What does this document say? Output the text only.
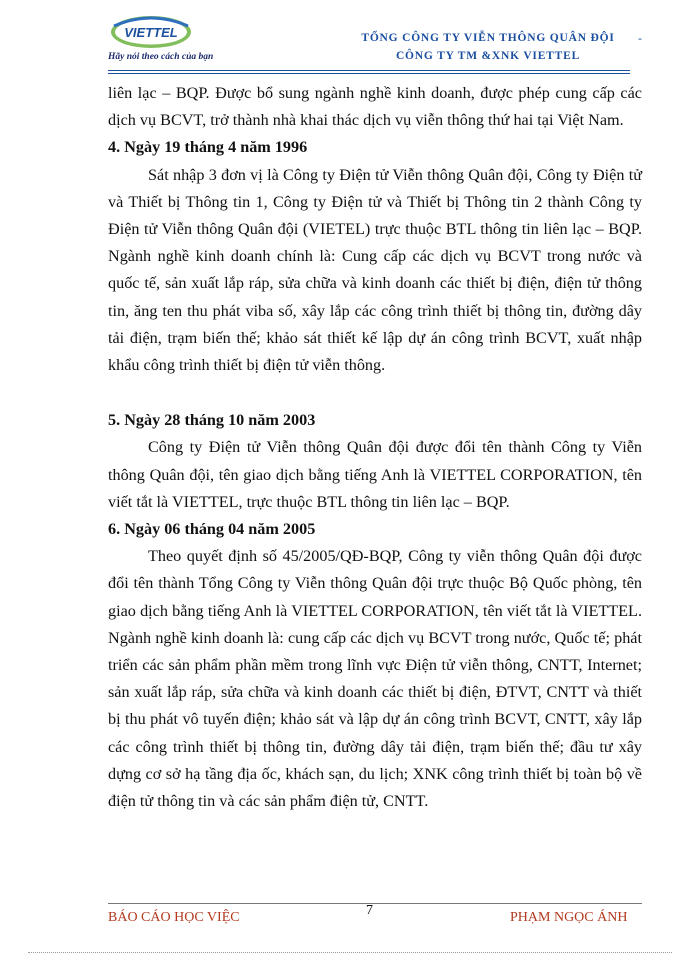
VIETTEL
Hãy nói theo cách của bạn
TỔNG CÔNG TY VIỄN THÔNG QUÂN ĐỘI
CÔNG TY TM &XNK VIETTEL
-

liên lạc – BQP. Được bổ sung ngành nghề kinh doanh, được phép cung cấp các dịch vụ BCVT, trở thành nhà khai thác dịch vụ viễn thông thứ hai tại Việt Nam.

4. Ngày 19 tháng 4 năm 1996

Sát nhập 3 đơn vị là Công ty Điện tử Viễn thông Quân đội, Công ty Điện tử và Thiết bị Thông tin 1, Công ty Điện tử và Thiết bị Thông tin 2 thành Công ty Điện tử Viễn thông Quân đội (VIETEL) trực thuộc BTL thông tin liên lạc – BQP. Ngành nghề kinh doanh chính là: Cung cấp các dịch vụ BCVT trong nước và quốc tế, sản xuất lắp ráp, sửa chữa và kinh doanh các thiết bị điện, điện tử thông tin, ăng ten thu phát viba số, xây lắp các công trình thiết bị thông tin, đường dây tải điện, trạm biến thế; khảo sát thiết kế lập dự án công trình BCVT, xuất nhập khẩu công trình thiết bị điện tử viễn thông.

5. Ngày 28 tháng 10 năm 2003

Công ty Điện tử Viễn thông Quân đội được đổi tên thành Công ty Viễn thông Quân đội, tên giao dịch bằng tiếng Anh là VIETTEL CORPORATION, tên viết tắt là VIETTEL, trực thuộc BTL thông tin liên lạc – BQP.

6. Ngày 06 tháng 04 năm 2005

Theo quyết định số 45/2005/QĐ-BQP, Công ty viễn thông Quân đội được đổi tên thành Tổng Công ty Viễn thông Quân đội trực thuộc Bộ Quốc phòng, tên giao dịch bằng tiếng Anh là VIETTEL CORPORATION, tên viết tắt là VIETTEL. Ngành nghề kinh doanh là: cung cấp các dịch vụ BCVT trong nước, Quốc tế; phát triển các sản phẩm phần mềm trong lĩnh vực Điện tử viễn thông, CNTT, Internet; sản xuất lắp ráp, sửa chữa và kinh doanh các thiết bị điện, ĐTVT, CNTT và thiết bị thu phát vô tuyến điện; khảo sát và lập dự án công trình BCVT, CNTT, xây lắp các công trình thiết bị thông tin, đường dây tải điện, trạm biến thế; đầu tư xây dựng cơ sở hạ tầng địa ốc, khách sạn, du lịch; XNK công trình thiết bị toàn bộ về điện tử thông tin và các sản phẩm điện tử, CNTT.

BÁO CÁO HỌC VIỆC	7	PHẠM NGỌC ÁNH
